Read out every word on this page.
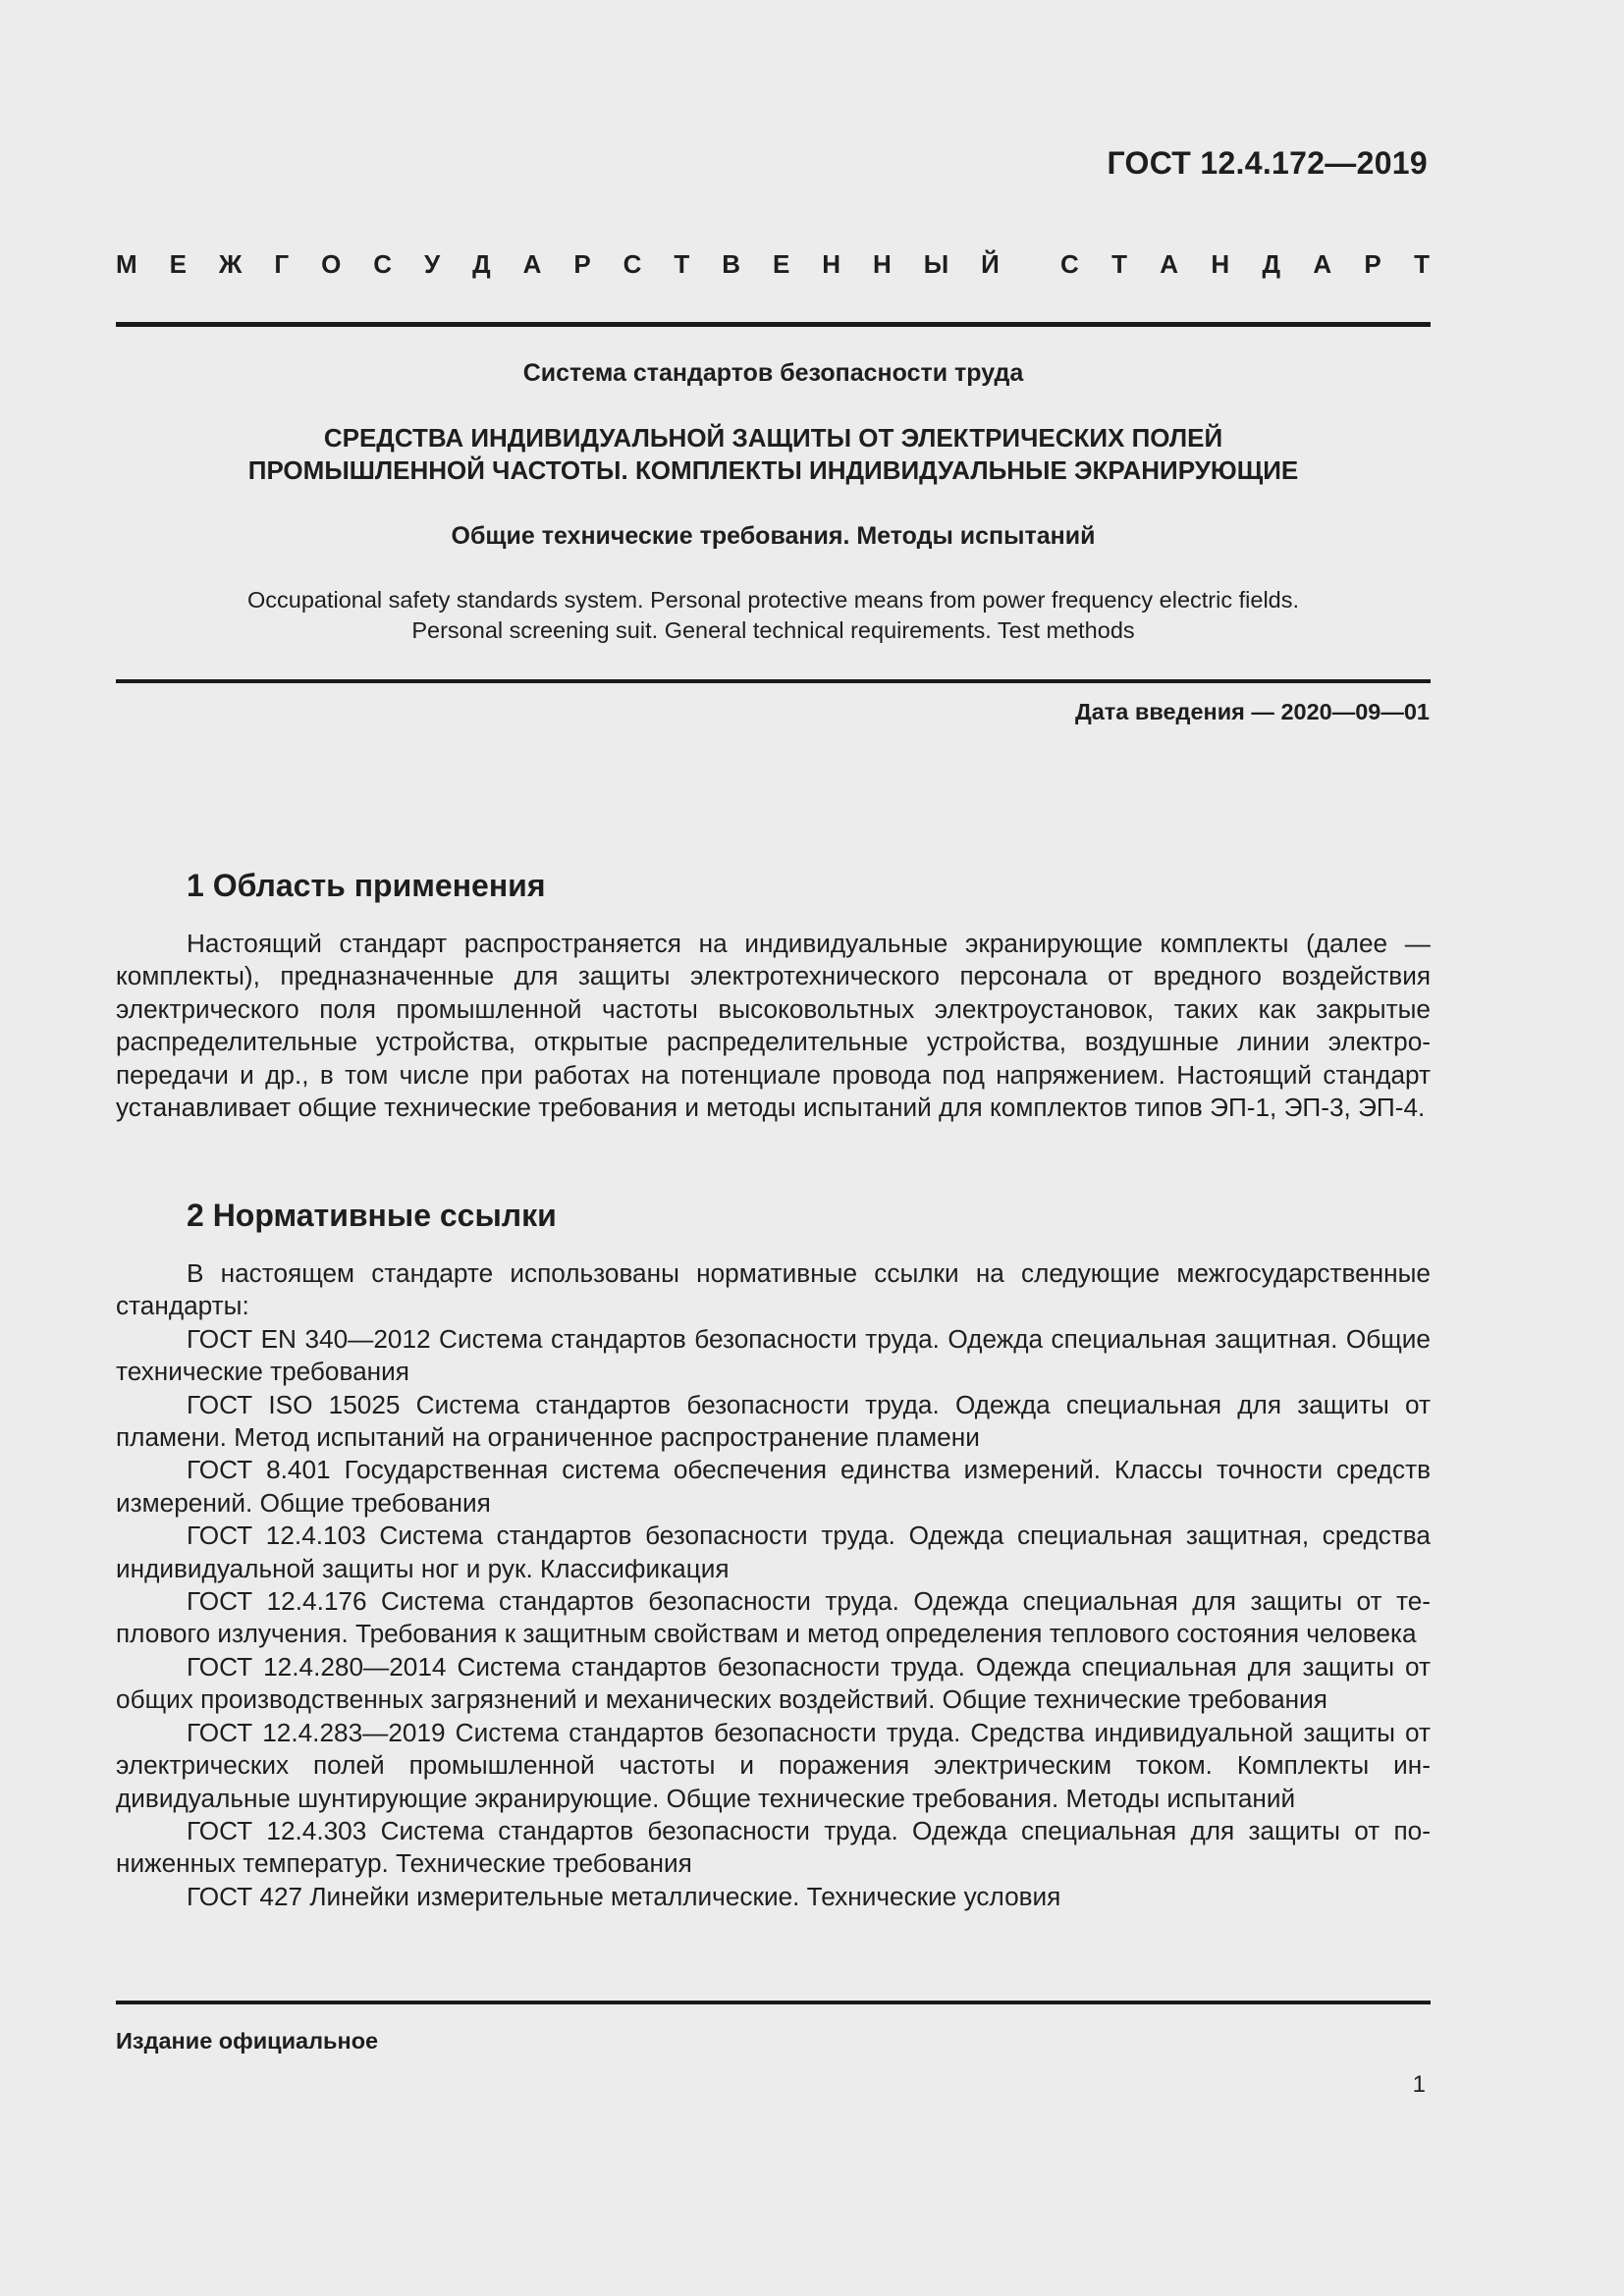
ГОСТ 12.4.172—2019
М Е Ж Г О С У Д А Р С Т В Е Н Н Ы Й С Т А Н Д А Р Т
Система стандартов безопасности труда
СРЕДСТВА ИНДИВИДУАЛЬНОЙ ЗАЩИТЫ ОТ ЭЛЕКТРИЧЕСКИХ ПОЛЕЙ
ПРОМЫШЛЕННОЙ ЧАСТОТЫ. КОМПЛЕКТЫ ИНДИВИДУАЛЬНЫЕ ЭКРАНИРУЮЩИЕ
Общие технические требования. Методы испытаний
Occupational safety standards system. Personal protective means from power frequency electric fields.
Personal screening suit. General technical requirements. Test methods
Дата введения — 2020—09—01
1 Область применения

Настоящий стандарт распространяется на индивидуальные экранирующие комплекты (далее — комплекты), предназначенные для защиты электротехнического персонала от вредного воздействия электрического поля промышленной частоты высоковольтных электроустановок, таких как закрытые распределительные устройства, открытые распределительные устройства, воздушные линии электропередачи и др., в том числе при работах на потенциале провода под напряжением. Настоящий стандарт устанавливает общие технические требования и методы испытаний для комплектов типов ЭП-1, ЭП-3, ЭП-4.

2 Нормативные ссылки

В настоящем стандарте использованы нормативные ссылки на следующие межгосударственные стандарты:

ГОСТ EN 340—2012 Система стандартов безопасности труда. Одежда специальная защитная. Общие технические требования

ГОСТ ISO 15025 Система стандартов безопасности труда. Одежда специальная для защиты от пламени. Метод испытаний на ограниченное распространение пламени

ГОСТ 8.401 Государственная система обеспечения единства измерений. Классы точности средств измерений. Общие требования

ГОСТ 12.4.103 Система стандартов безопасности труда. Одежда специальная защитная, средства индивидуальной защиты ног и рук. Классификация

ГОСТ 12.4.176 Система стандартов безопасности труда. Одежда специальная для защиты от теплового излучения. Требования к защитным свойствам и метод определения теплового состояния человека

ГОСТ 12.4.280—2014 Система стандартов безопасности труда. Одежда специальная для защиты от общих производственных загрязнений и механических воздействий. Общие технические требования

ГОСТ 12.4.283—2019 Система стандартов безопасности труда. Средства индивидуальной защиты от электрических полей промышленной частоты и поражения электрическим током. Комплекты индивидуальные шунтирующие экранирующие. Общие технические требования. Методы испытаний

ГОСТ 12.4.303 Система стандартов безопасности труда. Одежда специальная для защиты от пониженных температур. Технические требования

ГОСТ 427 Линейки измерительные металлические. Технические условия

Издание официальное
1
